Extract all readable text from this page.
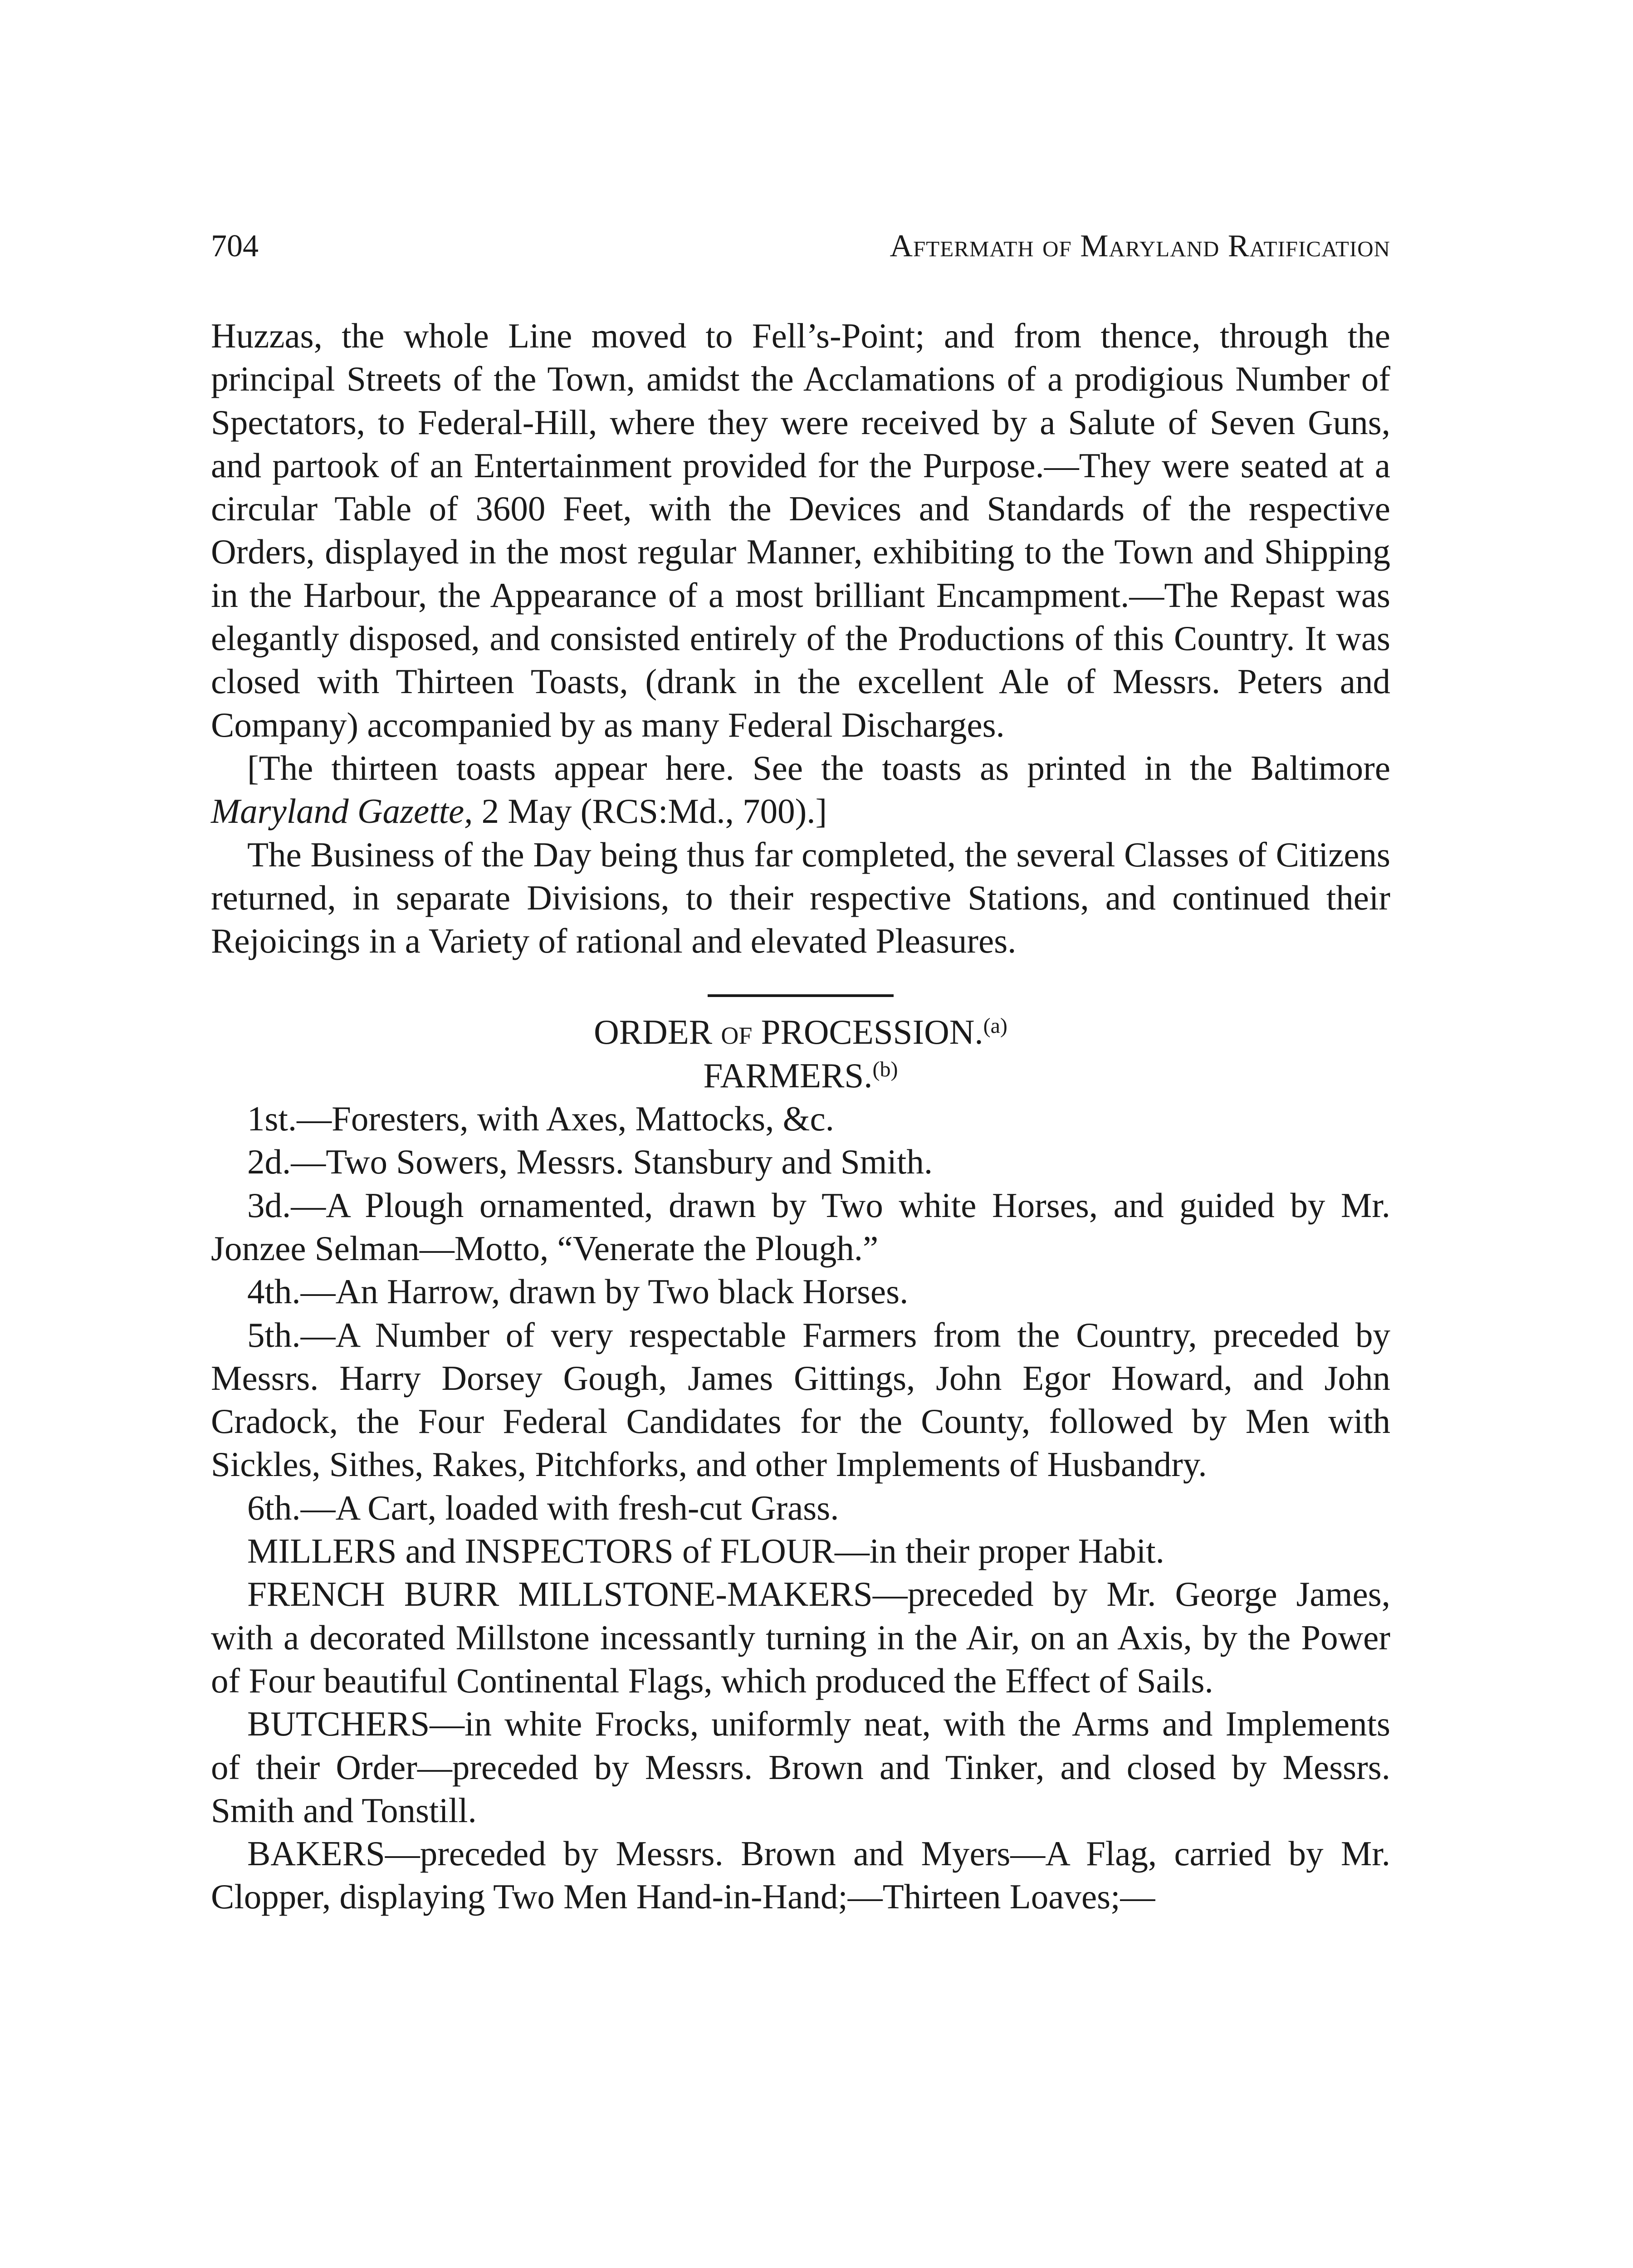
704	Aftermath of Maryland Ratification

Huzzas, the whole Line moved to Fell’s-Point; and from thence, through the principal Streets of the Town, amidst the Acclamations of a prodigious Number of Spectators, to Federal-Hill, where they were received by a Salute of Seven Guns, and partook of an Entertainment provided for the Purpose.—They were seated at a circular Table of 3600 Feet, with the Devices and Standards of the respective Orders, displayed in the most regular Manner, exhibiting to the Town and Shipping in the Harbour, the Appearance of a most brilliant Encampment.—The Repast was elegantly disposed, and consisted entirely of the Productions of this Country. It was closed with Thirteen Toasts, (drank in the excellent Ale of Messrs. Peters and Company) accompanied by as many Federal Discharges.

[The thirteen toasts appear here. See the toasts as printed in the Baltimore Maryland Gazette, 2 May (RCS:Md., 700).]

The Business of the Day being thus far completed, the several Classes of Citizens returned, in separate Divisions, to their respective Stations, and continued their Rejoicings in a Variety of rational and elevated Pleasures.

ORDER of PROCESSION.$^{(a)}$

FARMERS.$^{(b)}$

1st.—Foresters, with Axes, Mattocks, &c.

2d.—Two Sowers, Messrs. Stansbury and Smith.

3d.—A Plough ornamented, drawn by Two white Horses, and guided by Mr. Jonzee Selman—Motto, “Venerate the Plough.”

4th.—An Harrow, drawn by Two black Horses.

5th.—A Number of very respectable Farmers from the Country, preceded by Messrs. Harry Dorsey Gough, James Gittings, John Egor Howard, and John Cradock, the Four Federal Candidates for the County, followed by Men with Sickles, Sithes, Rakes, Pitchforks, and other Implements of Husbandry.

6th.—A Cart, loaded with fresh-cut Grass.

MILLERS and INSPECTORS of FLOUR—in their proper Habit.

FRENCH BURR MILLSTONE-MAKERS—preceded by Mr. George James, with a decorated Millstone incessantly turning in the Air, on an Axis, by the Power of Four beautiful Continental Flags, which produced the Effect of Sails.

BUTCHERS—in white Frocks, uniformly neat, with the Arms and Implements of their Order—preceded by Messrs. Brown and Tinker, and closed by Messrs. Smith and Tonstill.

BAKERS—preceded by Messrs. Brown and Myers—A Flag, carried by Mr. Clopper, displaying Two Men Hand-in-Hand;—Thirteen Loaves;—
